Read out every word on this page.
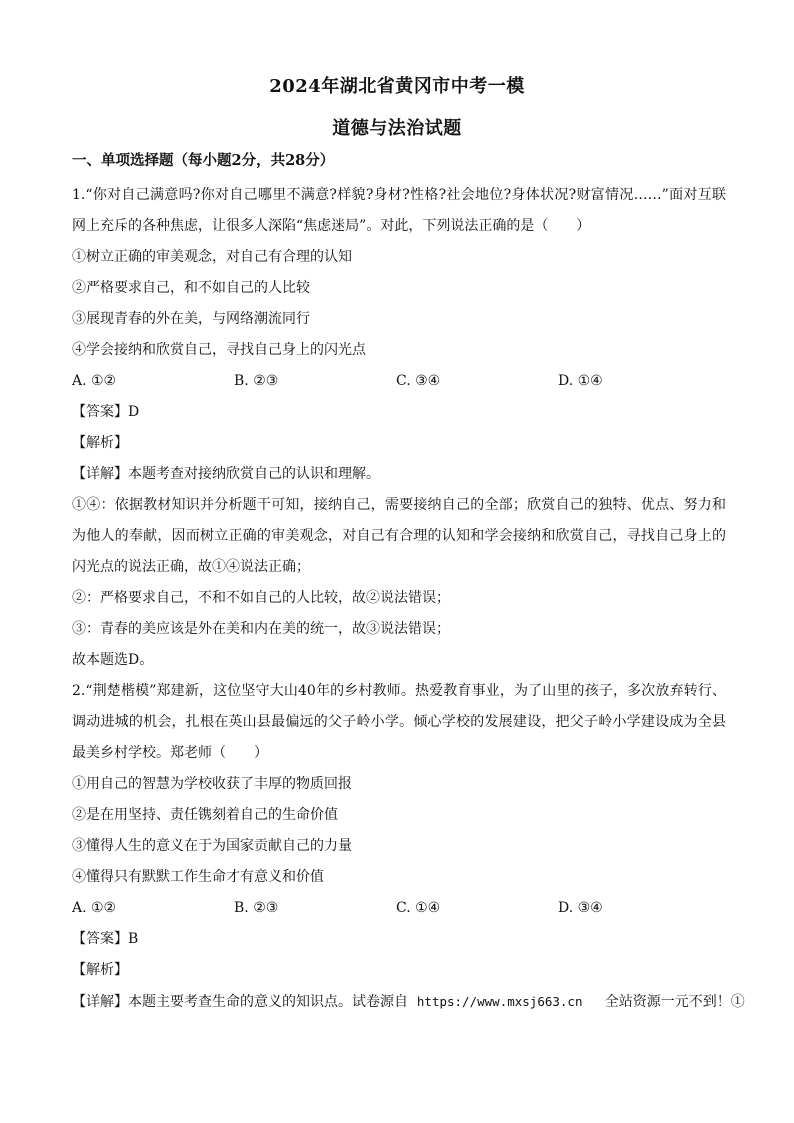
2024年湖北省黄冈市中考一模
道德与法治试题
一、单项选择题（每小题2分，共28分）
1.“你对自己满意吗?你对自己哪里不满意?样貌?身材?性格?社会地位?身体状况?财富情况……”面对互联网上充斥的各种焦虑，让很多人深陷“焦虑迷局”。对此，下列说法正确的是（　　）
①树立正确的审美观念，对自己有合理的认知
②严格要求自己，和不如自己的人比较
③展现青春的外在美，与网络潮流同行
④学会接纳和欣赏自己，寻找自己身上的闪光点
A. ①②	B. ②③	C. ③④	D. ①④
【答案】D
【解析】
【详解】本题考查对接纳欣赏自己的认识和理解。
①④：依据教材知识并分析题干可知，接纳自己，需要接纳自己的全部；欣赏自己的独特、优点、努力和为他人的奉献，因而树立正确的审美观念，对自己有合理的认知和学会接纳和欣赏自己，寻找自己身上的闪光点的说法正确，故①④说法正确；
②：严格要求自己，不和不如自己的人比较，故②说法错误；
③：青春的美应该是外在美和内在美的统一，故③说法错误；
故本题选D。
2.“荆楚楷模”郑建新，这位坚守大山40年的乡村教师。热爱教育事业，为了山里的孩子，多次放弃转行、调动进城的机会，扎根在英山县最偏远的父子岭小学。倾心学校的发展建设，把父子岭小学建设成为全县最美乡村学校。郑老师（　　）
①用自己的智慧为学校收获了丰厚的物质回报
②是在用坚持、责任镌刻着自己的生命价值
③懂得人生的意义在于为国家贡献自己的力量
④懂得只有默默工作生命才有意义和价值
A. ①②	B. ②③	C. ①④	D. ③④
【答案】B
【解析】
【详解】本题主要考查生命的意义的知识点。试卷源自 https://www.mxsj663.cn 全站资源一元不到！①
